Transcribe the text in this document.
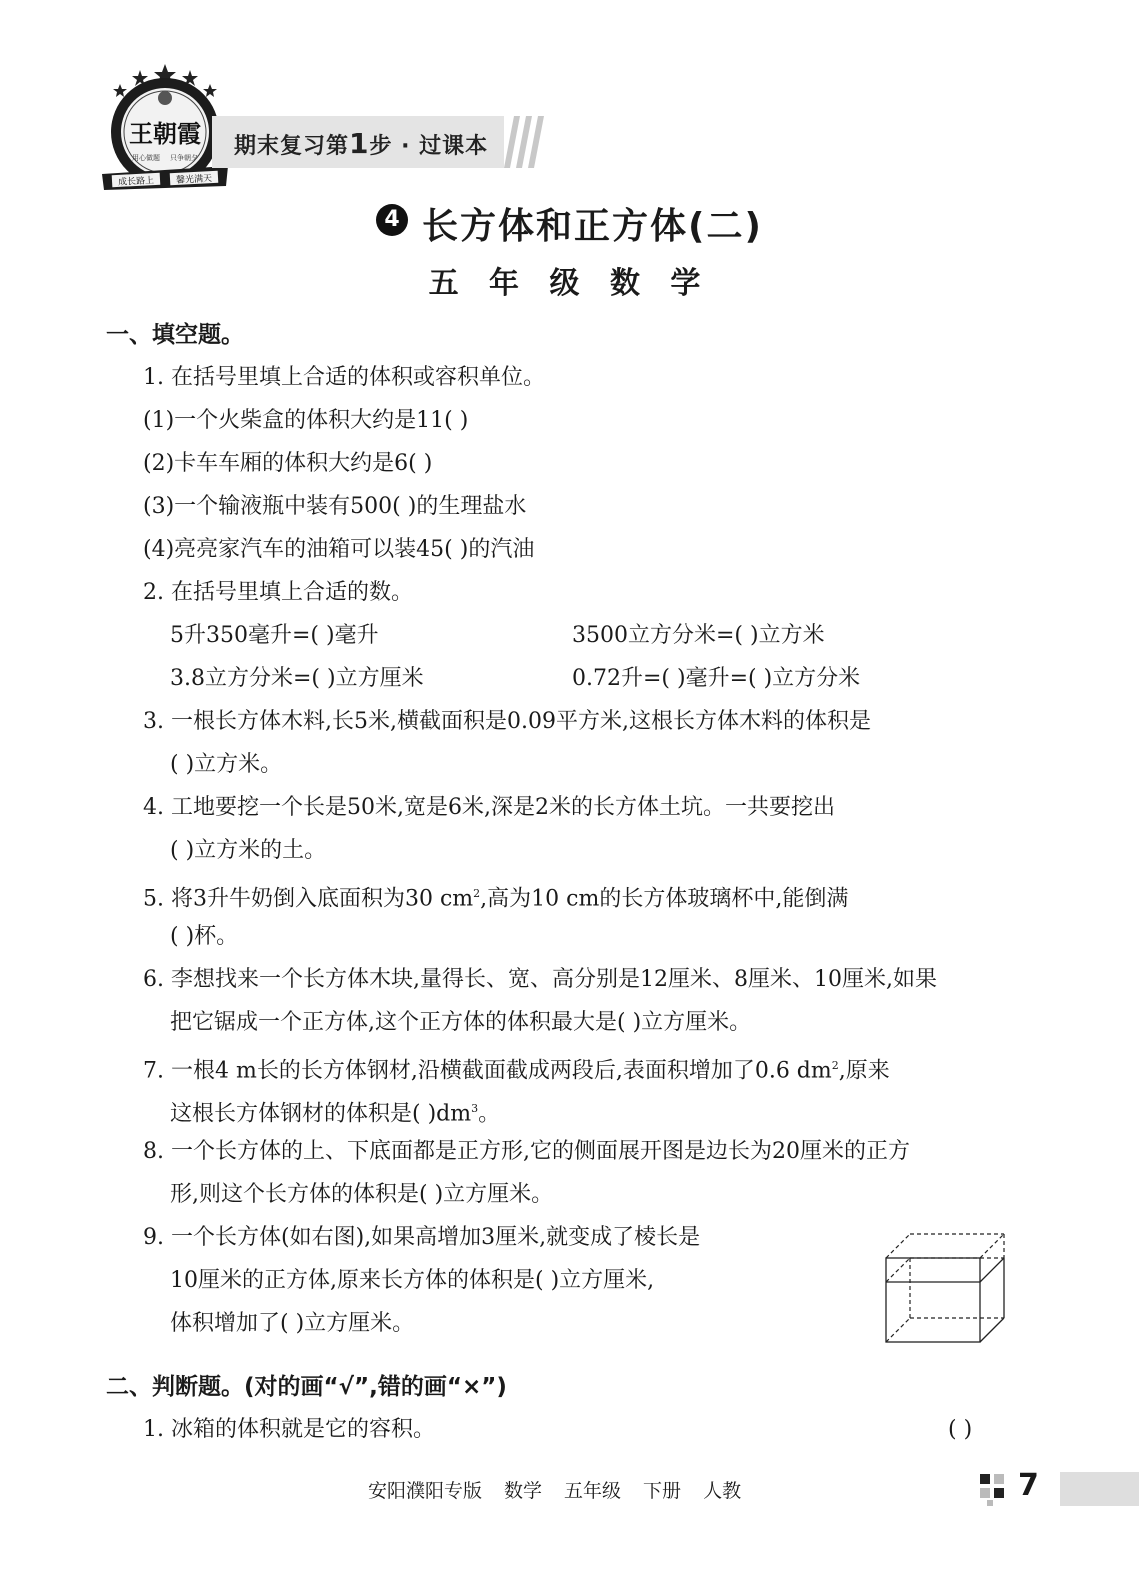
王朝霞
用心做题 只争朝夕
成长路上 馨光满天
期末复习第1步 · 过课本
4 长方体和正方体(二)
五 年 级 数 学
一、填空题。
1. 在括号里填上合适的体积或容积单位。
(1)一个火柴盒的体积大约是11( )
(2)卡车车厢的体积大约是6( )
(3)一个输液瓶中装有500( )的生理盐水
(4)亮亮家汽车的油箱可以装45( )的汽油
2. 在括号里填上合适的数。
5升350毫升=( )毫升	3500立方分米=( )立方米
3.8立方分米=( )立方厘米	0.72升=( )毫升=( )立方分米
3. 一根长方体木料,长5米,横截面积是0.09平方米,这根长方体木料的体积是
( )立方米。
4. 工地要挖一个长是50米,宽是6米,深是2米的长方体土坑。一共要挖出
( )立方米的土。
5. 将3升牛奶倒入底面积为30 $cm^2$,高为10 cm的长方体玻璃杯中,能倒满
( )杯。
6. 李想找来一个长方体木块,量得长、宽、高分别是12厘米、8厘米、10厘米,如果
把它锯成一个正方体,这个正方体的体积最大是( )立方厘米。
7. 一根4 m长的长方体钢材,沿横截面截成两段后,表面积增加了0.6 $dm^2$,原来
这根长方体钢材的体积是( )$dm^3$。
8. 一个长方体的上、下底面都是正方形,它的侧面展开图是边长为20厘米的正方
形,则这个长方体的体积是( )立方厘米。
9. 一个长方体(如右图),如果高增加3厘米,就变成了棱长是
10厘米的正方体,原来长方体的体积是( )立方厘米,
体积增加了( )立方厘米。
二、判断题。(对的画“√”,错的画“×”)
1. 冰箱的体积就是它的容积。	( )
安阳濮阳专版 数学 五年级 下册 人教	7
